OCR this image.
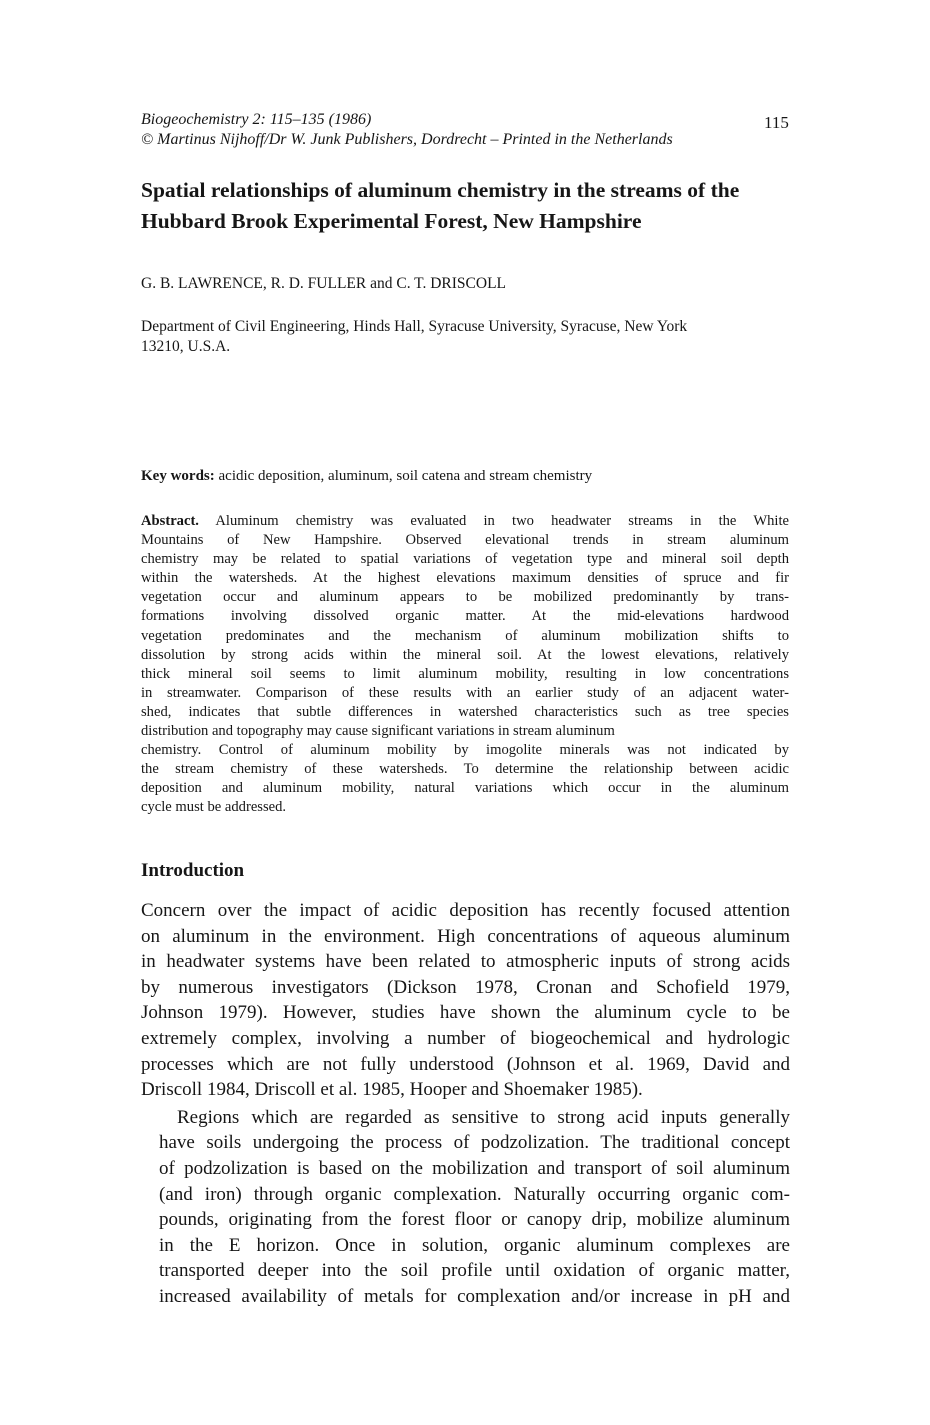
Biogeochemistry 2: 115–135 (1986)
© Martinus Nijhoff/Dr W. Junk Publishers, Dordrecht – Printed in the Netherlands
115
Spatial relationships of aluminum chemistry in the streams of the
Hubbard Brook Experimental Forest, New Hampshire
G. B. LAWRENCE, R. D. FULLER and C. T. DRISCOLL
Department of Civil Engineering, Hinds Hall, Syracuse University, Syracuse, New York
13210, U.S.A.
Key words: acidic deposition, aluminum, soil catena and stream chemistry
Abstract. Aluminum chemistry was evaluated in two headwater streams in the White
Mountains of New Hampshire. Observed elevational trends in stream aluminum
chemistry may be related to spatial variations of vegetation type and mineral soil depth
within the watersheds. At the highest elevations maximum densities of spruce and fir
vegetation occur and aluminum appears to be mobilized predominantly by trans-
formations involving dissolved organic matter. At the mid-elevations hardwood
vegetation predominates and the mechanism of aluminum mobilization shifts to
dissolution by strong acids within the mineral soil. At the lowest elevations, relatively
thick mineral soil seems to limit aluminum mobility, resulting in low concentrations
in streamwater. Comparison of these results with an earlier study of an adjacent water-
shed, indicates that subtle differences in watershed characteristics such as tree species
distribution and topography may cause significant variations in stream aluminum
chemistry. Control of aluminum mobility by imogolite minerals was not indicated by
the stream chemistry of these watersheds. To determine the relationship between acidic
deposition and aluminum mobility, natural variations which occur in the aluminum
cycle must be addressed.
Introduction

Concern over the impact of acidic deposition has recently focused attention
on aluminum in the environment. High concentrations of aqueous aluminum
in headwater systems have been related to atmospheric inputs of strong acids
by numerous investigators (Dickson 1978, Cronan and Schofield 1979,
Johnson 1979). However, studies have shown the aluminum cycle to be
extremely complex, involving a number of biogeochemical and hydrologic
processes which are not fully understood (Johnson et al. 1969, David and
Driscoll 1984, Driscoll et al. 1985, Hooper and Shoemaker 1985).

Regions which are regarded as sensitive to strong acid inputs generally
have soils undergoing the process of podzolization. The traditional concept
of podzolization is based on the mobilization and transport of soil aluminum
(and iron) through organic complexation. Naturally occurring organic com-
pounds, originating from the forest floor or canopy drip, mobilize aluminum
in the E horizon. Once in solution, organic aluminum complexes are
transported deeper into the soil profile until oxidation of organic matter,
increased availability of metals for complexation and/or increase in pH and
